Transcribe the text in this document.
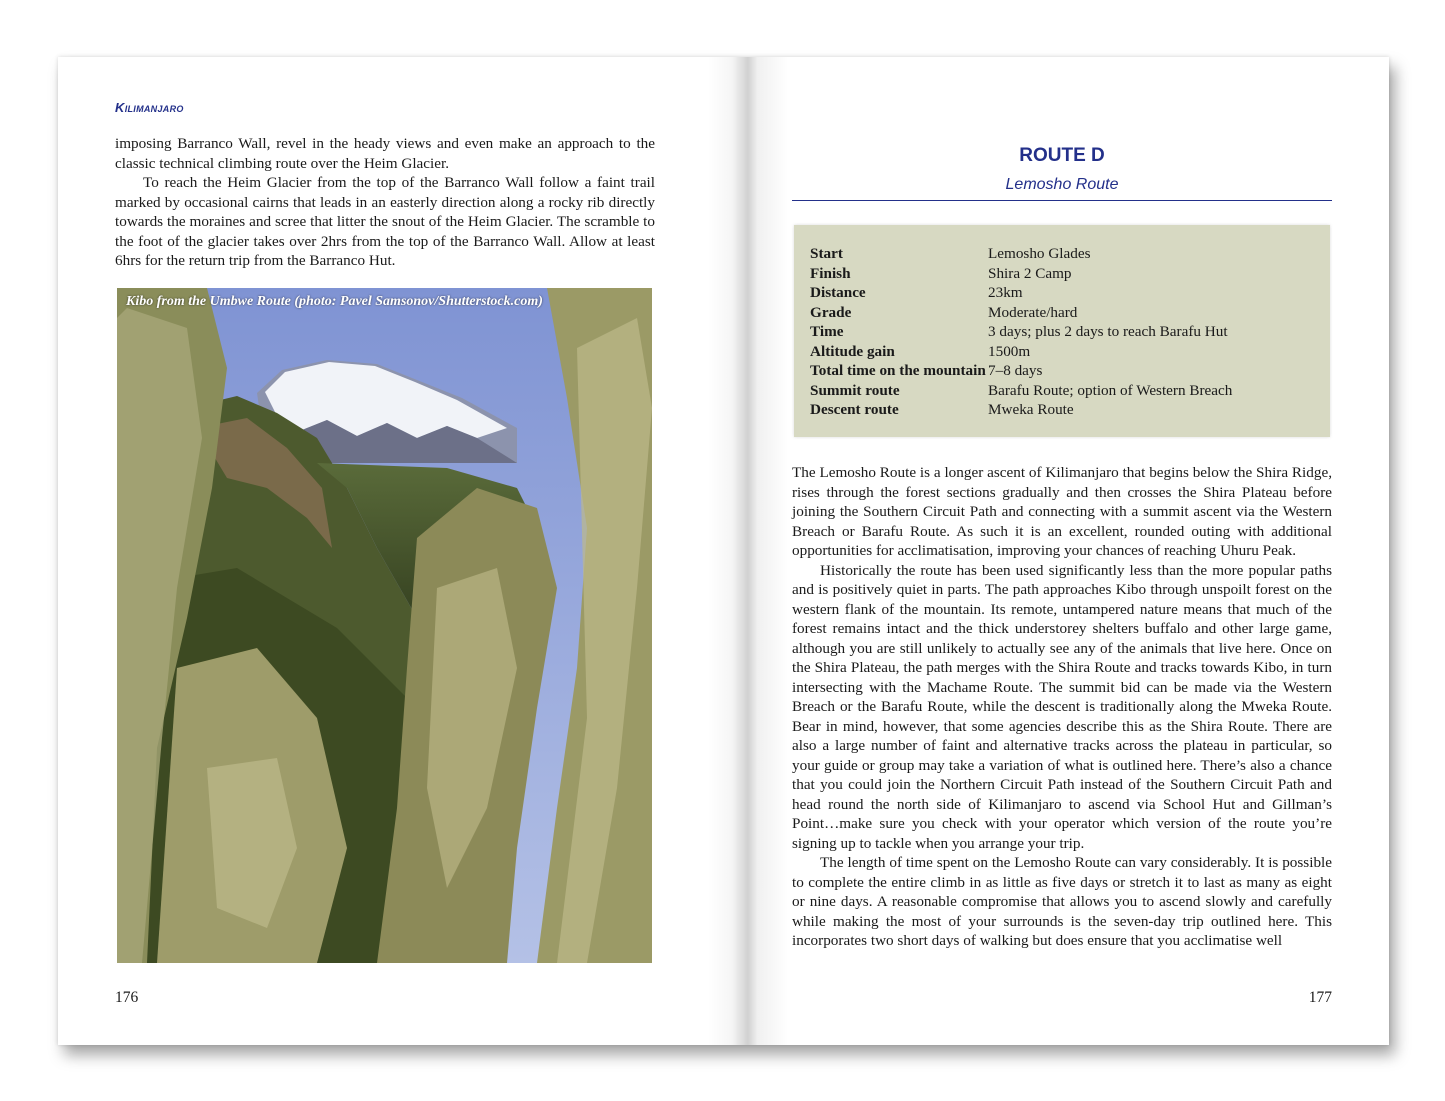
Kilimanjaro

imposing Barranco Wall, revel in the heady views and even make an approach to the classic technical climbing route over the Heim Glacier.

To reach the Heim Glacier from the top of the Barranco Wall follow a faint trail marked by occasional cairns that leads in an easterly direction along a rocky rib directly towards the moraines and scree that litter the snout of the Heim Glacier. The scramble to the foot of the glacier takes over 2hrs from the top of the Barranco Wall. Allow at least 6hrs for the return trip from the Barranco Hut.

Kibo from the Umbwe Route (photo: Pavel Samsonov/Shutterstock.com)
176
ROUTE D
Lemosho Route
Start	Lemosho Glades
Finish	Shira 2 Camp
Distance	23km
Grade	Moderate/hard
Time	3 days; plus 2 days to reach Barafu Hut
Altitude gain	1500m
Total time on the mountain	7–8 days
Summit route	Barafu Route; option of Western Breach
Descent route	Mweka Route

The Lemosho Route is a longer ascent of Kilimanjaro that begins below the Shira Ridge, rises through the forest sections gradually and then crosses the Shira Plateau before joining the Southern Circuit Path and connecting with a summit ascent via the Western Breach or Barafu Route. As such it is an excellent, rounded outing with additional opportunities for acclimatisation, improving your chances of reaching Uhuru Peak.

Historically the route has been used significantly less than the more popular paths and is positively quiet in parts. The path approaches Kibo through unspoilt forest on the western flank of the mountain. Its remote, untampered nature means that much of the forest remains intact and the thick understorey shelters buffalo and other large game, although you are still unlikely to actually see any of the animals that live here. Once on the Shira Plateau, the path merges with the Shira Route and tracks towards Kibo, in turn intersecting with the Machame Route. The summit bid can be made via the Western Breach or the Barafu Route, while the descent is traditionally along the Mweka Route. Bear in mind, however, that some agencies describe this as the Shira Route. There are also a large number of faint and alternative tracks across the plateau in particular, so your guide or group may take a variation of what is outlined here. There’s also a chance that you could join the Northern Circuit Path instead of the Southern Circuit Path and head round the north side of Kilimanjaro to ascend via School Hut and Gillman’s Point…make sure you check with your operator which version of the route you’re signing up to tackle when you arrange your trip.

The length of time spent on the Lemosho Route can vary considerably. It is possible to complete the entire climb in as little as five days or stretch it to last as many as eight or nine days. A reasonable compromise that allows you to ascend slowly and carefully while making the most of your surrounds is the seven-day trip outlined here. This incorporates two short days of walking but does ensure that you acclimatise well

177
